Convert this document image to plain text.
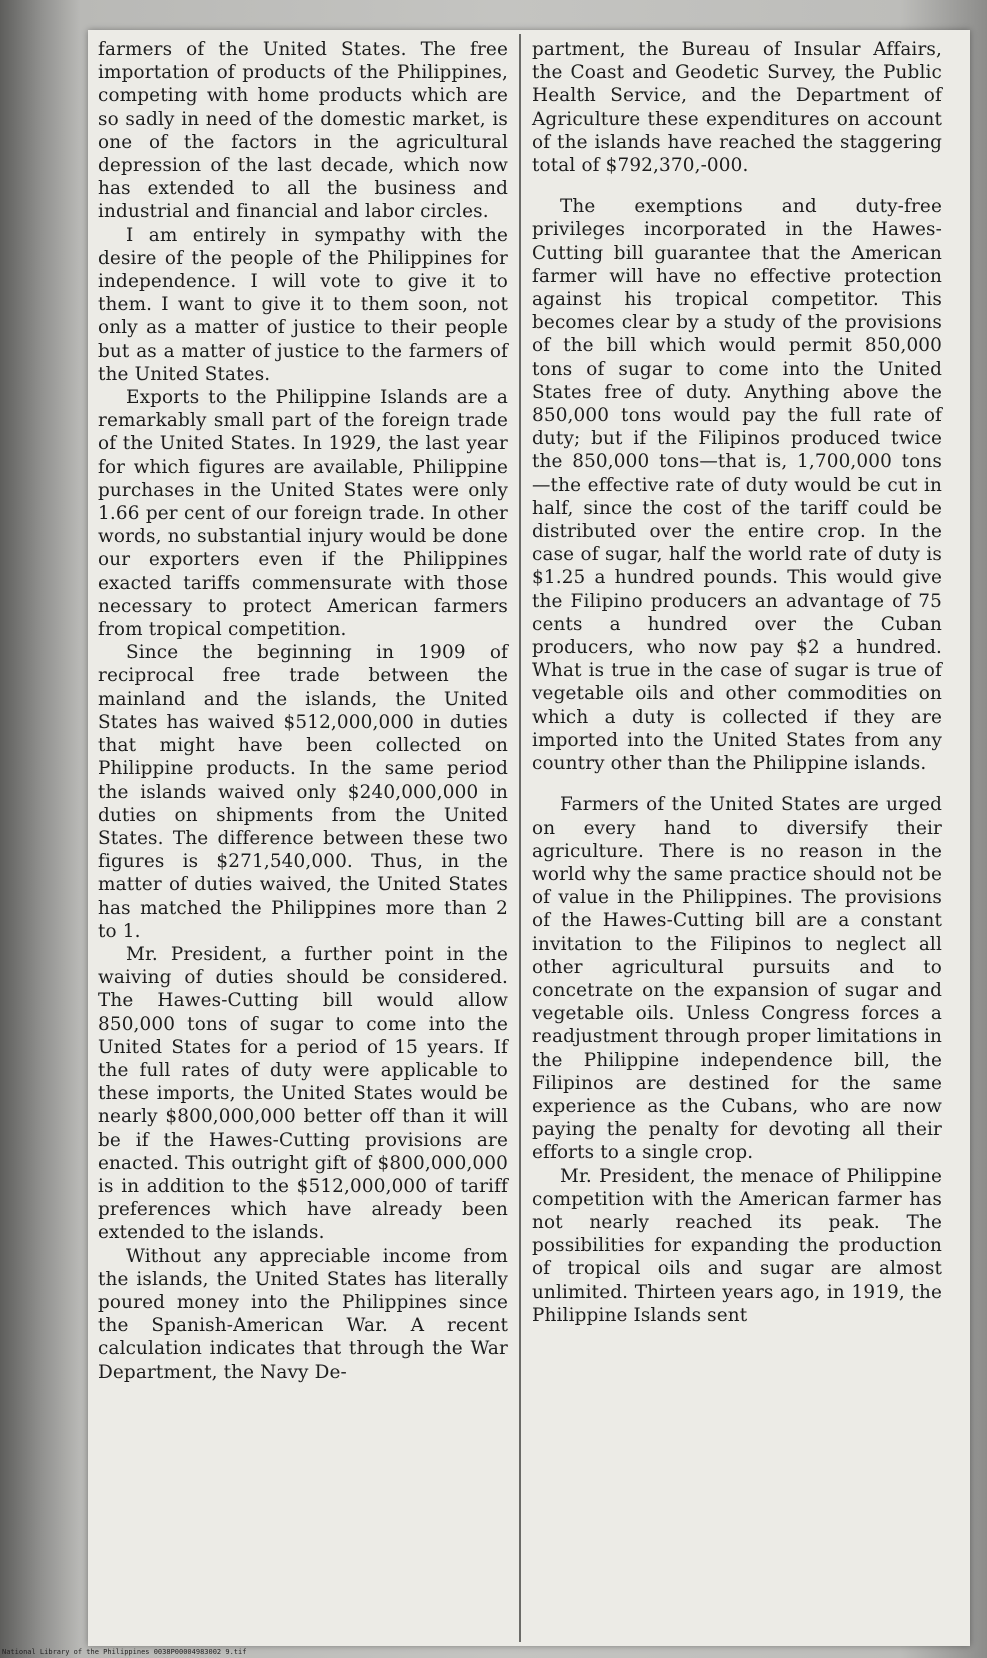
farmers of the United States. The free importation of products of the Philippines, competing with home products which are so sadly in need of the domestic market, is one of the factors in the agricultural depression of the last decade, which now has extended to all the business and industrial and financial and labor circles.

I am entirely in sympathy with the desire of the people of the Philippines for independence. I will vote to give it to them. I want to give it to them soon, not only as a matter of justice to their people but as a matter of justice to the farmers of the United States.

Exports to the Philippine Islands are a remarkably small part of the foreign trade of the United States. In 1929, the last year for which figures are available, Philippine purchases in the United States were only 1.66 per cent of our foreign trade. In other words, no substantial injury would be done our exporters even if the Philippines exacted tariffs commensurate with those necessary to protect American farmers from tropical competition.

Since the beginning in 1909 of reciprocal free trade between the mainland and the islands, the United States has waived $512,000,000 in duties that might have been collected on Philippine products. In the same period the islands waived only $240,000,000 in duties on shipments from the United States. The difference between these two figures is $271,540,000. Thus, in the matter of duties waived, the United States has matched the Philippines more than 2 to 1.

Mr. President, a further point in the waiving of duties should be considered. The Hawes-Cutting bill would allow 850,000 tons of sugar to come into the United States for a period of 15 years. If the full rates of duty were applicable to these imports, the United States would be nearly $800,000,000 better off than it will be if the Hawes-Cutting provisions are enacted. This outright gift of $800,000,000 is in addition to the $512,000,000 of tariff preferences which have already been extended to the islands.

Without any appreciable income from the islands, the United States has literally poured money into the Philippines since the Spanish-American War. A recent calculation indicates that through the War Department, the Navy De-

partment, the Bureau of Insular Affairs, the Coast and Geodetic Survey, the Public Health Service, and the Department of Agriculture these expenditures on account of the islands have reached the staggering total of $792,370,-000.

The exemptions and duty-free privileges incorporated in the Hawes-Cutting bill guarantee that the American farmer will have no effective protection against his tropical competitor. This becomes clear by a study of the provisions of the bill which would permit 850,000 tons of sugar to come into the United States free of duty. Anything above the 850,000 tons would pay the full rate of duty; but if the Filipinos produced twice the 850,000 tons—that is, 1,700,000 tons—the effective rate of duty would be cut in half, since the cost of the tariff could be distributed over the entire crop. In the case of sugar, half the world rate of duty is $1.25 a hundred pounds. This would give the Filipino producers an advantage of 75 cents a hundred over the Cuban producers, who now pay $2 a hundred. What is true in the case of sugar is true of vegetable oils and other commodities on which a duty is collected if they are imported into the United States from any country other than the Philippine islands.

Farmers of the United States are urged on every hand to diversify their agriculture. There is no reason in the world why the same practice should not be of value in the Philippines. The provisions of the Hawes-Cutting bill are a constant invitation to the Filipinos to neglect all other agricultural pursuits and to concetrate on the expansion of sugar and vegetable oils. Unless Congress forces a readjustment through proper limitations in the Philippine independence bill, the Filipinos are destined for the same experience as the Cubans, who are now paying the penalty for devoting all their efforts to a single crop.

Mr. President, the menace of Philippine competition with the American farmer has not nearly reached its peak. The possibilities for expanding the production of tropical oils and sugar are almost unlimited. Thirteen years ago, in 1919, the Philippine Islands sent

National Library of the Philippines 0038P00004983002 9.tif
